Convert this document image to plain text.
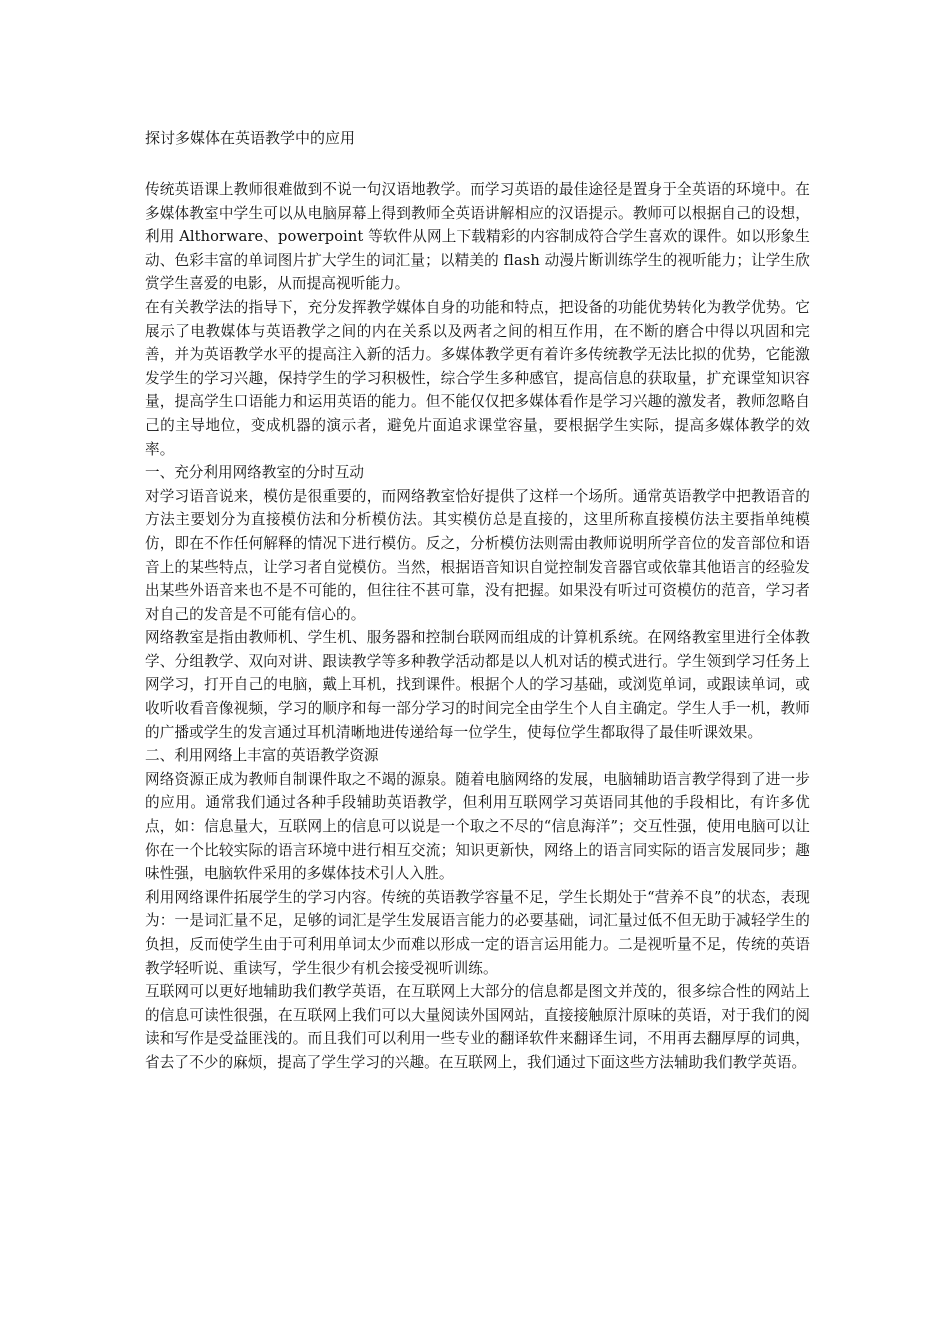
探讨多媒体在英语教学中的应用

传统英语课上教师很难做到不说一句汉语地教学。而学习英语的最佳途径是置身于全英语的环境中。在多媒体教室中学生可以从电脑屏幕上得到教师全英语讲解相应的汉语提示。教师可以根据自己的设想，利用 Althorware、powerpoint 等软件从网上下载精彩的内容制成符合学生喜欢的课件。如以形象生动、色彩丰富的单词图片扩大学生的词汇量；以精美的 flash 动漫片断训练学生的视听能力；让学生欣赏学生喜爱的电影，从而提高视听能力。

在有关教学法的指导下，充分发挥教学媒体自身的功能和特点，把设备的功能优势转化为教学优势。它展示了电教媒体与英语教学之间的内在关系以及两者之间的相互作用，在不断的磨合中得以巩固和完善，并为英语教学水平的提高注入新的活力。多媒体教学更有着许多传统教学无法比拟的优势，它能激发学生的学习兴趣，保持学生的学习积极性，综合学生多种感官，提高信息的获取量，扩充课堂知识容量，提高学生口语能力和运用英语的能力。但不能仅仅把多媒体看作是学习兴趣的激发者，教师忽略自己的主导地位，变成机器的演示者，避免片面追求课堂容量，要根据学生实际，提高多媒体教学的效率。

一、充分利用网络教室的分时互动

对学习语音说来，模仿是很重要的，而网络教室恰好提供了这样一个场所。通常英语教学中把教语音的方法主要划分为直接模仿法和分析模仿法。其实模仿总是直接的，这里所称直接模仿法主要指单纯模仿，即在不作任何解释的情况下进行模仿。反之，分析模仿法则需由教师说明所学音位的发音部位和语音上的某些特点，让学习者自觉模仿。当然，根据语音知识自觉控制发音器官或依靠其他语言的经验发出某些外语音来也不是不可能的，但往往不甚可靠，没有把握。如果没有听过可资模仿的范音，学习者对自己的发音是不可能有信心的。

网络教室是指由教师机、学生机、服务器和控制台联网而组成的计算机系统。在网络教室里进行全体教学、分组教学、双向对讲、跟读教学等多种教学活动都是以人机对话的模式进行。学生领到学习任务上网学习，打开自己的电脑，戴上耳机，找到课件。根据个人的学习基础，或浏览单词，或跟读单词，或收听收看音像视频，学习的顺序和每一部分学习的时间完全由学生个人自主确定。学生人手一机，教师的广播或学生的发言通过耳机清晰地进传递给每一位学生，使每位学生都取得了最佳听课效果。

二、利用网络上丰富的英语教学资源

网络资源正成为教师自制课件取之不竭的源泉。随着电脑网络的发展，电脑辅助语言教学得到了进一步的应用。通常我们通过各种手段辅助英语教学，但利用互联网学习英语同其他的手段相比，有许多优点，如：信息量大，互联网上的信息可以说是一个取之不尽的“信息海洋”；交互性强，使用电脑可以让你在一个比较实际的语言环境中进行相互交流；知识更新快，网络上的语言同实际的语言发展同步；趣味性强，电脑软件采用的多媒体技术引人入胜。

利用网络课件拓展学生的学习内容。传统的英语教学容量不足，学生长期处于“营养不良”的状态，表现为：一是词汇量不足，足够的词汇是学生发展语言能力的必要基础，词汇量过低不但无助于减轻学生的负担，反而使学生由于可利用单词太少而难以形成一定的语言运用能力。二是视听量不足，传统的英语教学轻听说、重读写，学生很少有机会接受视听训练。

互联网可以更好地辅助我们教学英语，在互联网上大部分的信息都是图文并茂的，很多综合性的网站上的信息可读性很强，在互联网上我们可以大量阅读外国网站，直接接触原汁原味的英语，对于我们的阅读和写作是受益匪浅的。而且我们可以利用一些专业的翻译软件来翻译生词，不用再去翻厚厚的词典，省去了不少的麻烦，提高了学生学习的兴趣。在互联网上，我们通过下面这些方法辅助我们教学英语。
